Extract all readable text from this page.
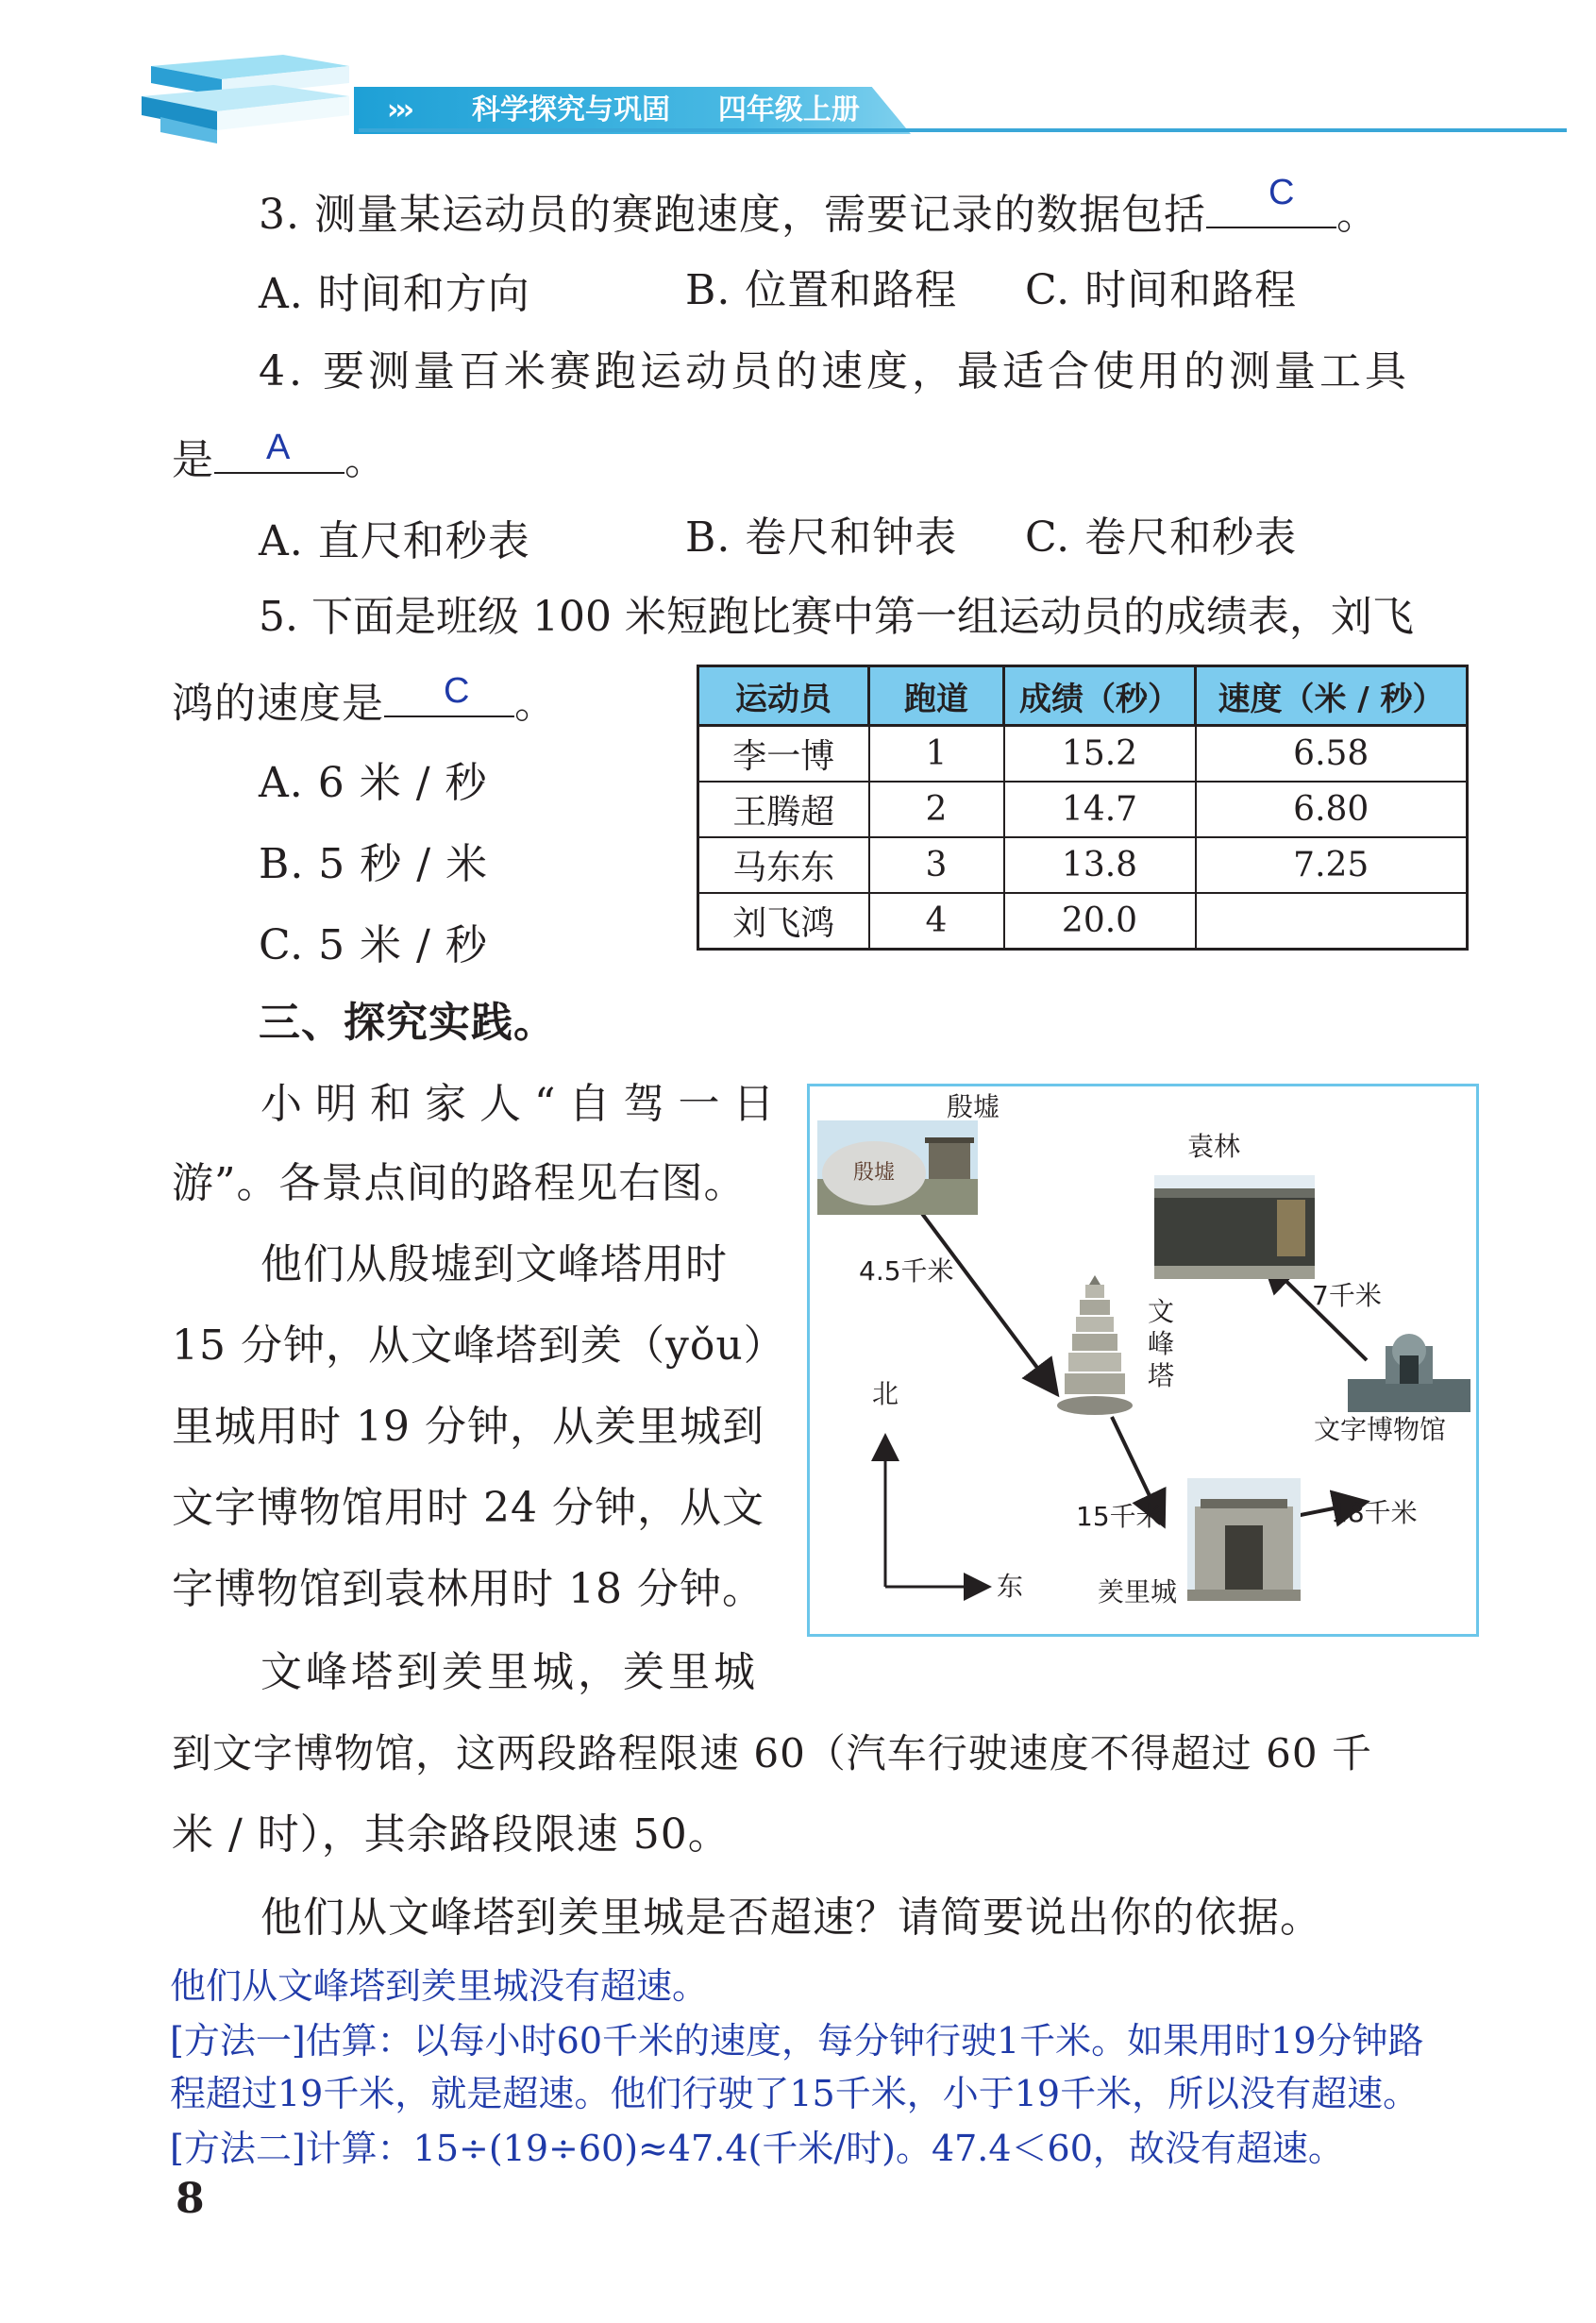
››› 科学探究与巩固 四年级上册
3. 测量某运动员的赛跑速度，需要记录的数据包括	。
C
A. 时间和方向	B. 位置和路程 C. 时间和路程
4. 要测量百米赛跑运动员的速度，最适合使用的测量工具
是	。
A
A. 直尺和秒表	B. 卷尺和钟表 C. 卷尺和秒表
5. 下面是班级 100 米短跑比赛中第一组运动员的成绩表，刘飞
鸿的速度是	。
C
A. 6 米 / 秒
B. 5 秒 / 米
C. 5 米 / 秒
运动员	跑道	成绩（秒）	速度（米 / 秒）
李一博	1	15.2	6.58
王腾超	2	14.7	6.80
马东东	3	13.8	7.25
刘飞鸿	4	20.0	
三、探究实践。
小明和家人“自驾一日
游”。各景点间的路程见右图。
他们从殷墟到文峰塔用时
15 分钟，从文峰塔到羑（yǒu）
里城用时 19 分钟，从羑里城到
文字博物馆用时 24 分钟，从文
字博物馆到袁林用时 18 分钟。
文峰塔到羑里城，羑里城
到文字博物馆，这两段路程限速 60（汽车行驶速度不得超过 60 千
米 / 时），其余路段限速 50。
他们从文峰塔到羑里城是否超速？请简要说出你的依据。
殷墟
殷墟
袁林
文峰塔
文字博物馆
羑里城
4.5千米
7千米
15千米	18千米
北
东
他们从文峰塔到羑里城没有超速。
[方法一]估算：以每小时60千米的速度，每分钟行驶1千米。如果用时19分钟路
程超过19千米，就是超速。他们行驶了15千米，小于19千米，所以没有超速。
[方法二]计算：15÷(19÷60)≈47.4(千米/时)。47.4＜60，故没有超速。
8
